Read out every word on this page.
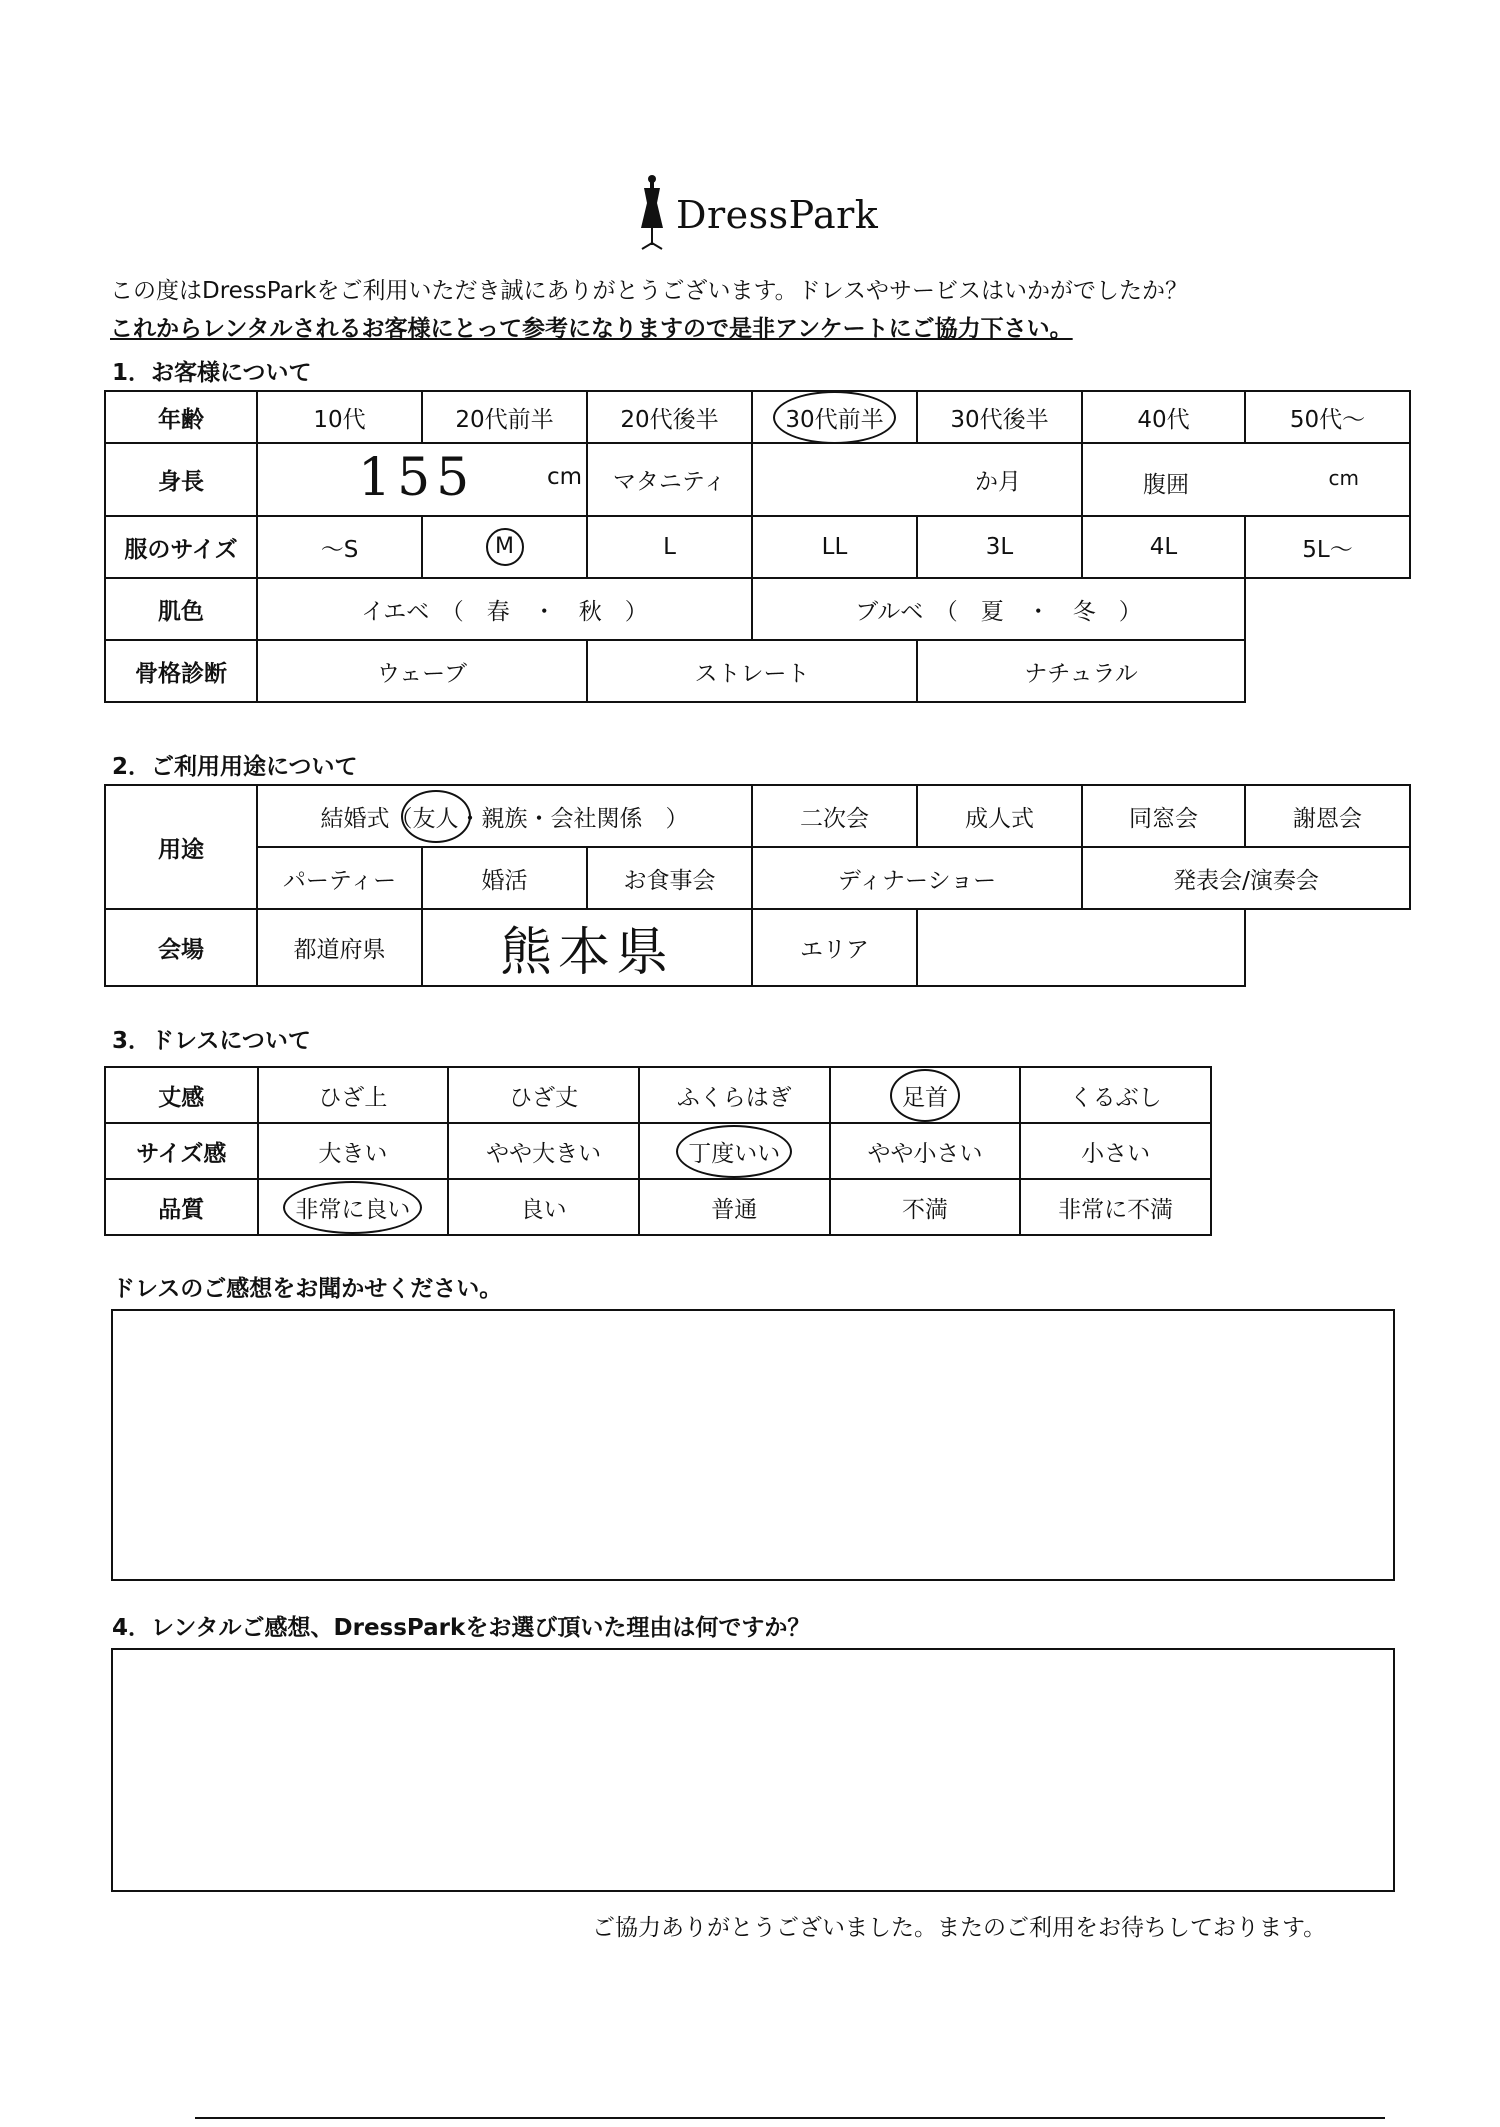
DressPark
この度はDressParkをご利用いただき誠にありがとうございます。ドレスやサービスはいかがでしたか？
これからレンタルされるお客様にとって参考になりますので是非アンケートにご協力下さい。
1．お客様について
年齢	10代	20代前半	20代後半	30代前半	30代後半	40代	50代～
身長	155 cm		マタニティ	か月		腹囲 cm	

服のサイズ	～S	M	L	LL	3L	4L	5L～
肌色	イエベ　（　春　・　秋　）			ブルベ　（　夏　・　冬　）			
骨格診断	ウェーブ		ストレート		ナチュラル		
2．ご利用用途について
用途	結婚式（友人・親族・会社関係　）			二次会	成人式	同窓会	謝恩会
	パーティー	婚活	お食事会	ディナーショー		発表会/演奏会	
会場	都道府県	熊本県		エリア			
3．ドレスについて
丈感	ひざ上	ひざ丈	ふくらはぎ	足首	くるぶし
サイズ感	大きい	やや大きい	丁度いい	やや小さい	小さい
品質	非常に良い	良い	普通	不満	非常に不満
ドレスのご感想をお聞かせください。
4．レンタルご感想、DressParkをお選び頂いた理由は何ですか？
ご協力ありがとうございました。またのご利用をお待ちしております。
